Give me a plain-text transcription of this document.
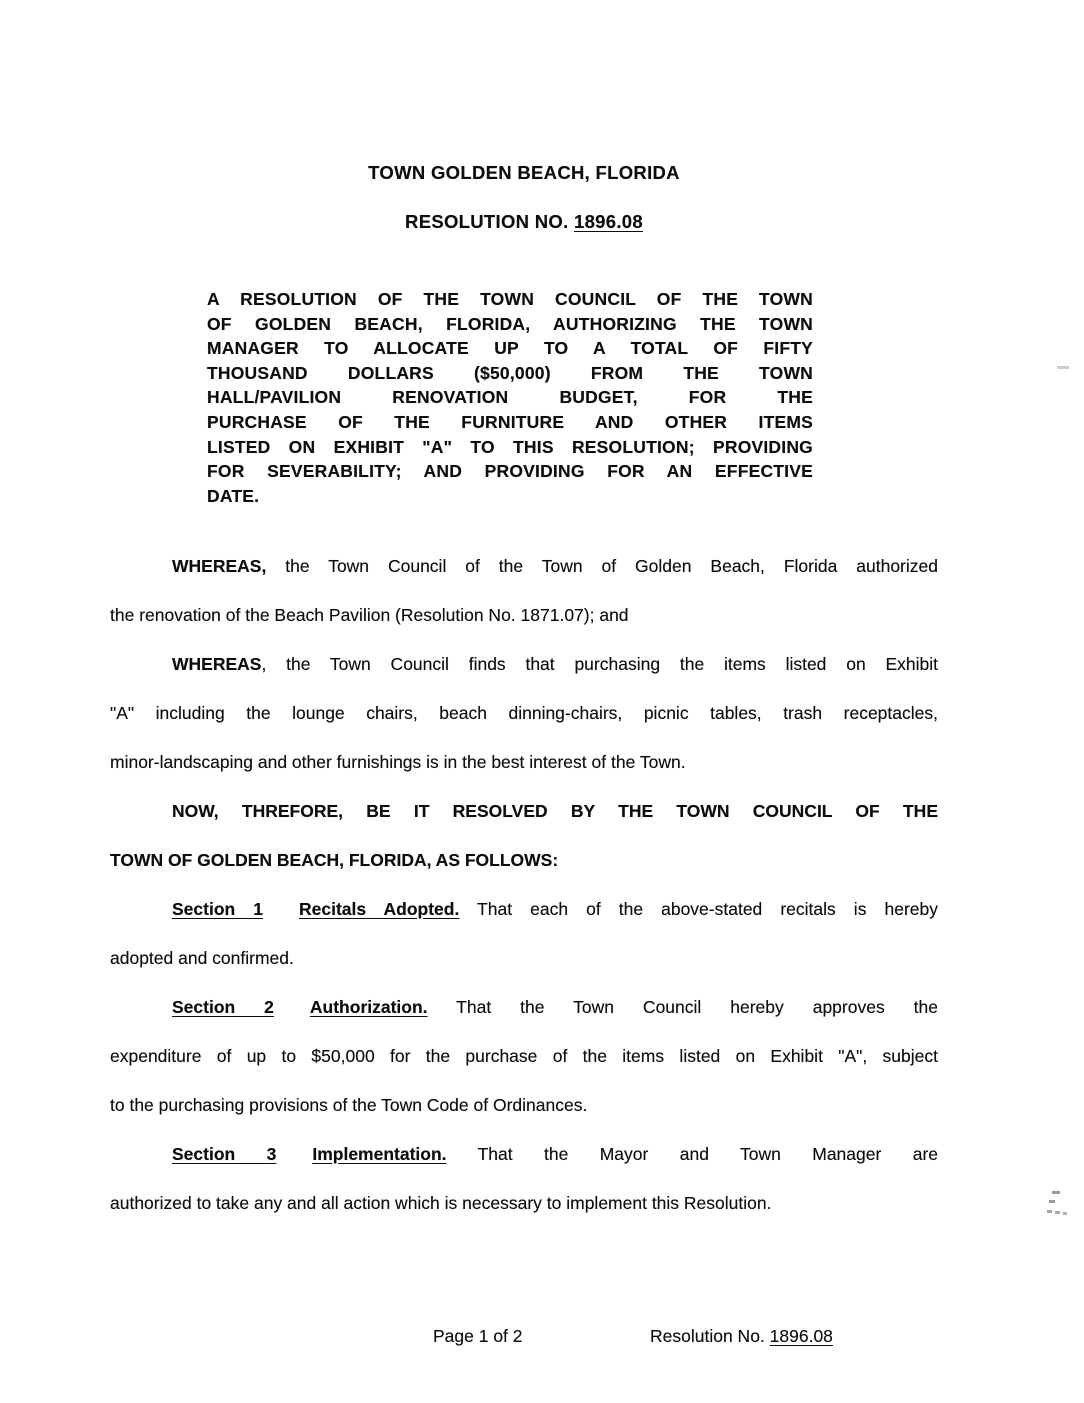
TOWN GOLDEN BEACH, FLORIDA
RESOLUTION NO. 1896.08
A RESOLUTION OF THE TOWN COUNCIL OF THE TOWN
OF GOLDEN BEACH, FLORIDA, AUTHORIZING THE TOWN
MANAGER TO ALLOCATE UP TO A TOTAL OF FIFTY
THOUSAND DOLLARS ($50,000) FROM THE TOWN
HALL/PAVILION RENOVATION BUDGET, FOR THE
PURCHASE OF THE FURNITURE AND OTHER ITEMS
LISTED ON EXHIBIT "A" TO THIS RESOLUTION; PROVIDING
FOR SEVERABILITY; AND PROVIDING FOR AN EFFECTIVE
DATE.
WHEREAS, the Town Council of the Town of Golden Beach, Florida authorized
the renovation of the Beach Pavilion (Resolution No. 1871.07); and
WHEREAS, the Town Council finds that purchasing the items listed on Exhibit
"A" including the lounge chairs, beach dinning-chairs, picnic tables, trash receptacles,
minor-landscaping and other furnishings is in the best interest of the Town.
NOW, THREFORE, BE IT RESOLVED BY THE TOWN COUNCIL OF THE
TOWN OF GOLDEN BEACH, FLORIDA, AS FOLLOWS:
Section 1 Recitals Adopted. That each of the above-stated recitals is hereby
adopted and confirmed.
Section 2 Authorization. That the Town Council hereby approves the
expenditure of up to $50,000 for the purchase of the items listed on Exhibit "A", subject
to the purchasing provisions of the Town Code of Ordinances.
Section 3 Implementation. That the Mayor and Town Manager are
authorized to take any and all action which is necessary to implement this Resolution.
Page 1 of 2	Resolution No. 1896.08
